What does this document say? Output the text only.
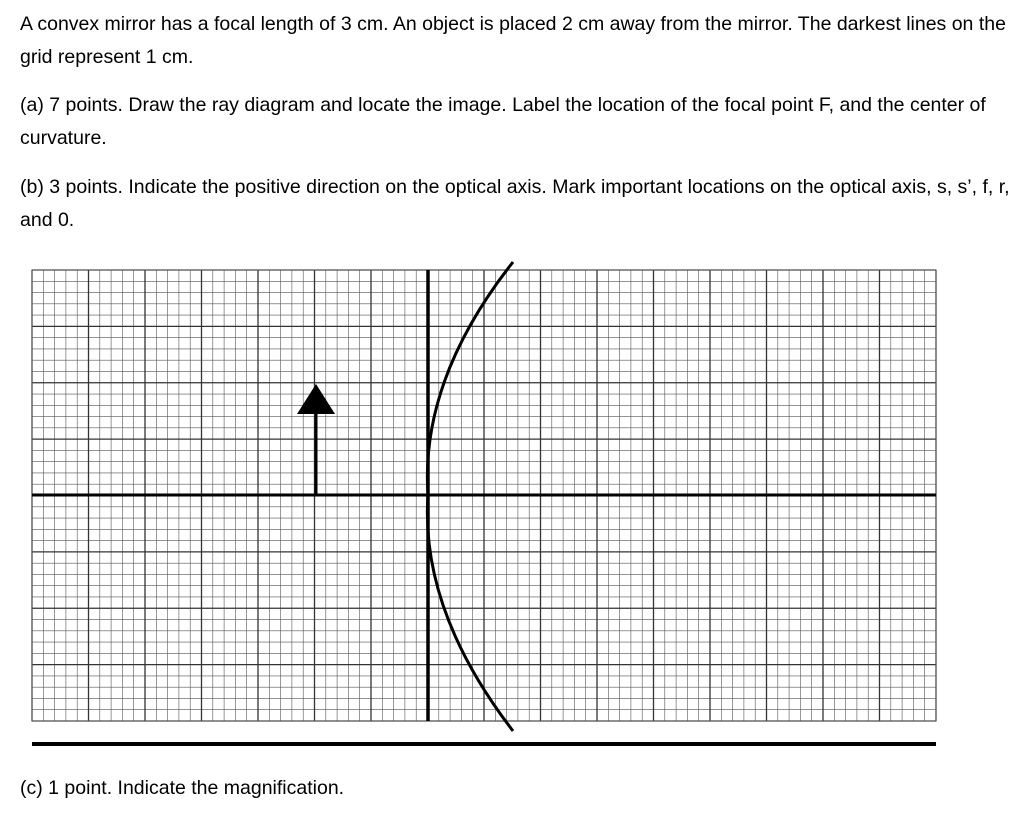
A convex mirror has a focal length of 3 cm. An object is placed 2 cm away from the mirror. The darkest lines on the grid represent 1 cm.

(a) 7 points. Draw the ray diagram and locate the image. Label the location of the focal point F, and the center of curvature.

(b) 3 points. Indicate the positive direction on the optical axis. Mark important locations on the optical axis, s, s’, f, r, and 0.

(c) 1 point. Indicate the magnification.
